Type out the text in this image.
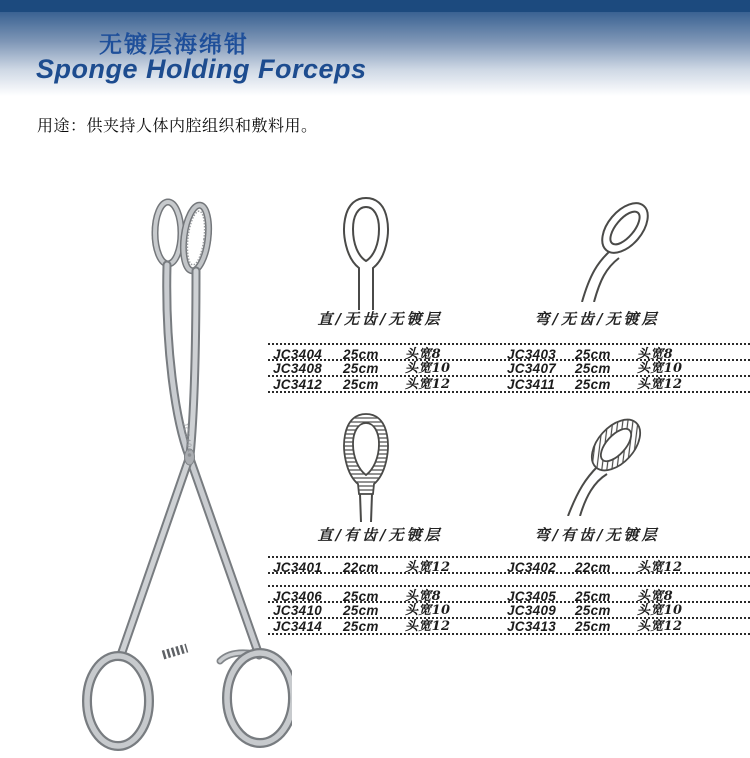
无镀层海绵钳
Sponge Holding Forceps
用途：供夹持人体内腔组织和敷料用。
JC3401
直/无齿/无镀层	弯/无齿/无镀层
直/有齿/无镀层	弯/有齿/无镀层
JC3404 25cm 头宽8	JC3403 25cm 头宽8
JC3408 25cm 头宽10	JC3407 25cm 头宽10
JC3412 25cm 头宽12	JC3411 25cm 头宽12
JC3401 22cm 头宽12	JC3402 22cm 头宽12
JC3406 25cm 头宽8	JC3405 25cm 头宽8
JC3410 25cm 头宽10	JC3409 25cm 头宽10
JC3414 25cm 头宽12	JC3413 25cm 头宽12
